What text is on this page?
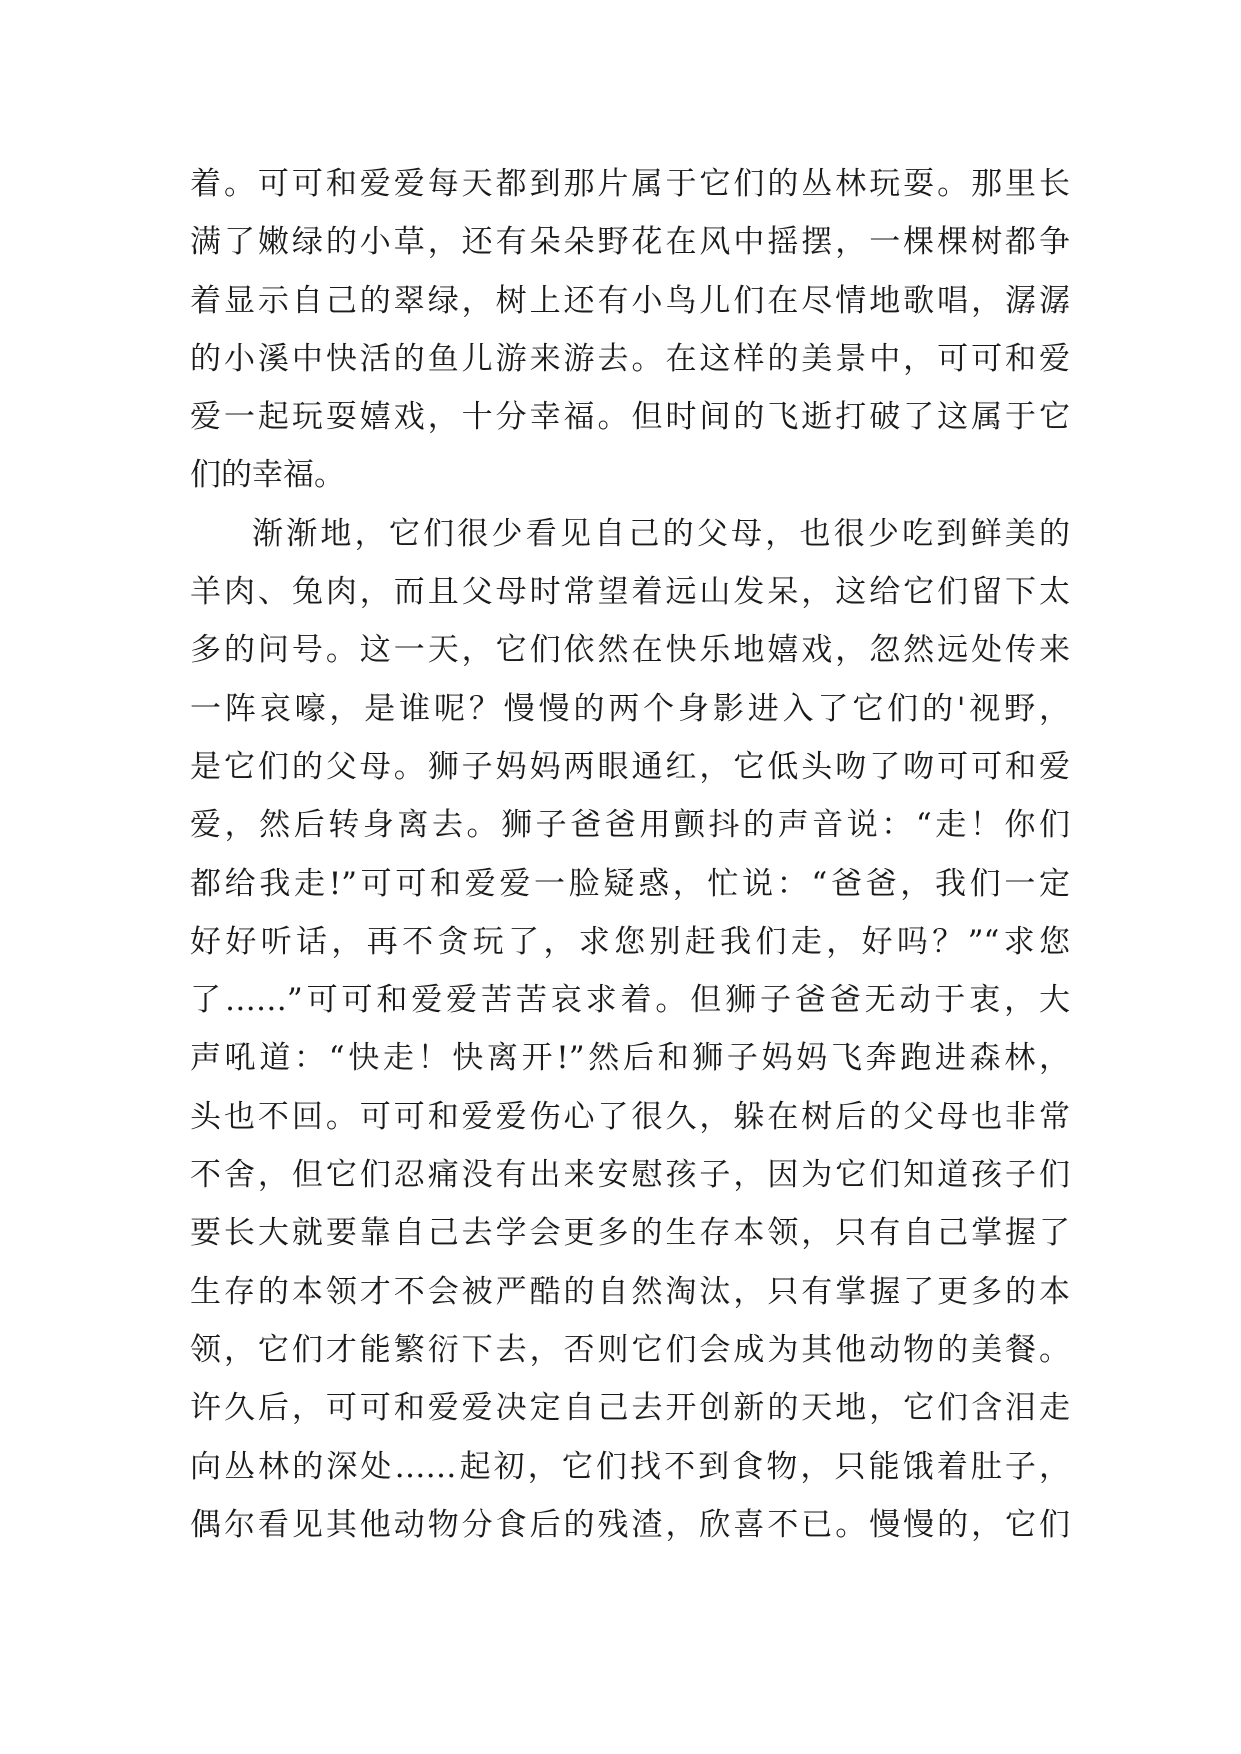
着。可可和爱爱每天都到那片属于它们的丛林玩耍。那里长
满了嫩绿的小草，还有朵朵野花在风中摇摆，一棵棵树都争
着显示自己的翠绿，树上还有小鸟儿们在尽情地歌唱，潺潺
的小溪中快活的鱼儿游来游去。在这样的美景中，可可和爱
爱一起玩耍嬉戏，十分幸福。但时间的飞逝打破了这属于它
们的幸福。
渐渐地，它们很少看见自己的父母，也很少吃到鲜美的
羊肉、兔肉，而且父母时常望着远山发呆，这给它们留下太
多的问号。这一天，它们依然在快乐地嬉戏，忽然远处传来
一阵哀嚎，是谁呢？慢慢的两个身影进入了它们的'视野，
是它们的父母。狮子妈妈两眼通红，它低头吻了吻可可和爱
爱，然后转身离去。狮子爸爸用颤抖的声音说：“走！你们
都给我走!”可可和爱爱一脸疑惑，忙说：“爸爸，我们一定
好好听话，再不贪玩了，求您别赶我们走，好吗？”“求您
了……”可可和爱爱苦苦哀求着。但狮子爸爸无动于衷，大
声吼道：“快走！快离开!”然后和狮子妈妈飞奔跑进森林，
头也不回。可可和爱爱伤心了很久，躲在树后的父母也非常
不舍，但它们忍痛没有出来安慰孩子，因为它们知道孩子们
要长大就要靠自己去学会更多的生存本领，只有自己掌握了
生存的本领才不会被严酷的自然淘汰，只有掌握了更多的本
领，它们才能繁衍下去，否则它们会成为其他动物的美餐。
许久后，可可和爱爱决定自己去开创新的天地，它们含泪走
向丛林的深处……起初，它们找不到食物，只能饿着肚子，
偶尔看见其他动物分食后的残渣，欣喜不已。慢慢的，它们
